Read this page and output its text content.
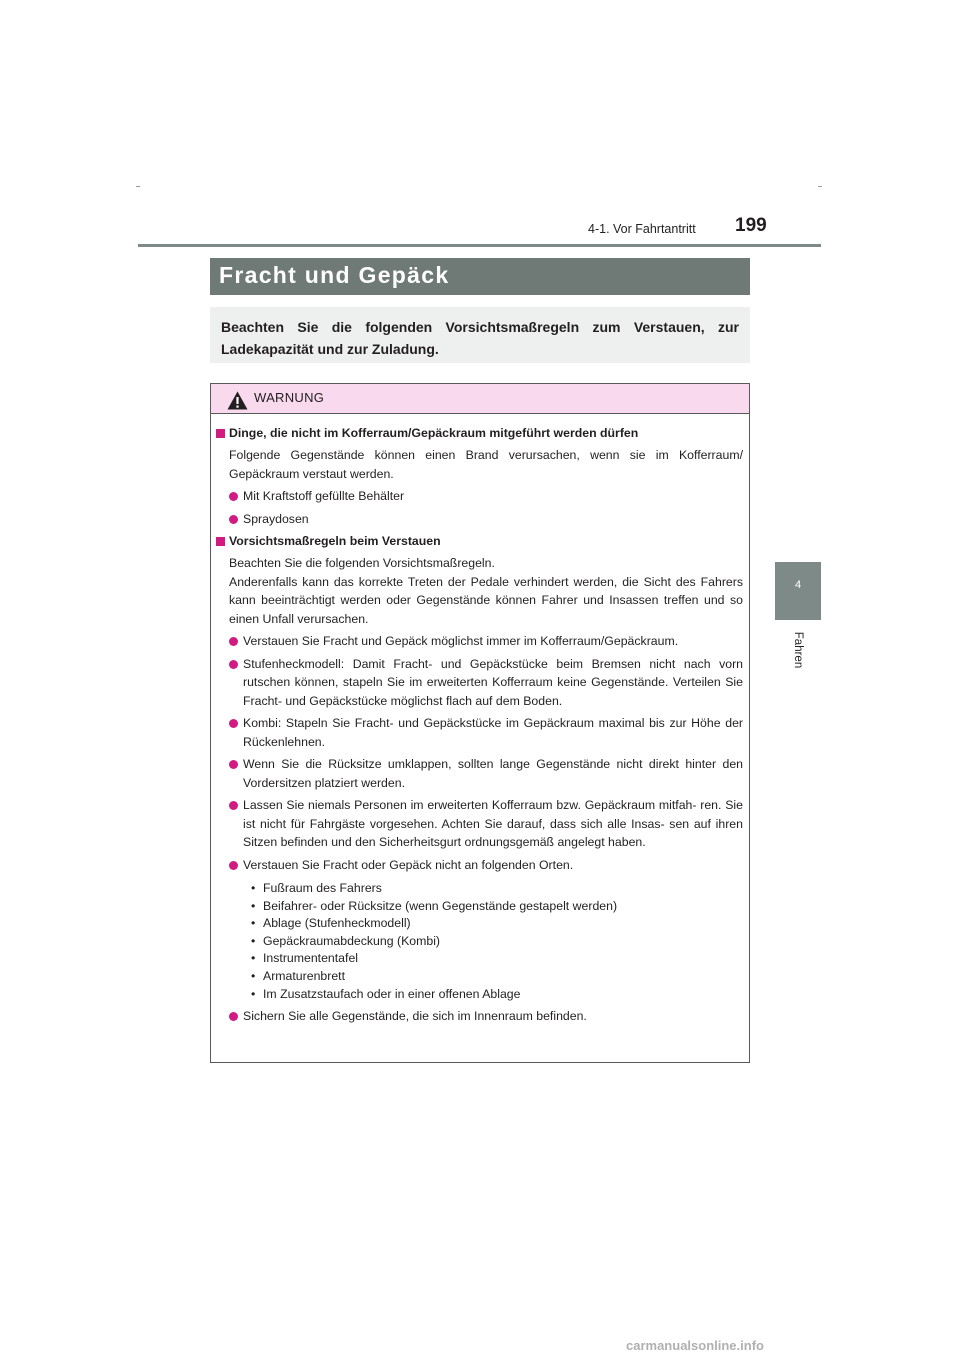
4-1. Vor Fahrtantritt 199
4
Fahren
Fracht und Gepäck

Beachten Sie die folgenden Vorsichtsmaßregeln zum Verstauen, zur Ladekapazität und zur Zuladung.

WARNUNG
Dinge, die nicht im Kofferraum/Gepäckraum mitgeführt werden dürfen
Folgende Gegenstände können einen Brand verursachen, wenn sie im Kofferraum/ Gepäckraum verstaut werden.
Mit Kraftstoff gefüllte Behälter
Spraydosen
Vorsichtsmaßregeln beim Verstauen
Beachten Sie die folgenden Vorsichtsmaßregeln.
Anderenfalls kann das korrekte Treten der Pedale verhindert werden, die Sicht des Fahrers kann beeinträchtigt werden oder Gegenstände können Fahrer und Insassen treffen und so einen Unfall verursachen.
Verstauen Sie Fracht und Gepäck möglichst immer im Kofferraum/Gepäckraum.
Stufenheckmodell: Damit Fracht- und Gepäckstücke beim Bremsen nicht nach vorn rutschen können, stapeln Sie im erweiterten Kofferraum keine Gegenstände. Verteilen Sie Fracht- und Gepäckstücke möglichst flach auf dem Boden.
Kombi: Stapeln Sie Fracht- und Gepäckstücke im Gepäckraum maximal bis zur Höhe der Rückenlehnen.
Wenn Sie die Rücksitze umklappen, sollten lange Gegenstände nicht direkt hinter den Vordersitzen platziert werden.
Lassen Sie niemals Personen im erweiterten Kofferraum bzw. Gepäckraum mitfah- ren. Sie ist nicht für Fahrgäste vorgesehen. Achten Sie darauf, dass sich alle Insas- sen auf ihren Sitzen befinden und den Sicherheitsgurt ordnungsgemäß angelegt haben.
Verstauen Sie Fracht oder Gepäck nicht an folgenden Orten.
• Fußraum des Fahrers
• Beifahrer- oder Rücksitze (wenn Gegenstände gestapelt werden)
• Ablage (Stufenheckmodell)
• Gepäckraumabdeckung (Kombi)
• Instrumententafel
• Armaturenbrett
• Im Zusatzstaufach oder in einer offenen Ablage
Sichern Sie alle Gegenstände, die sich im Innenraum befinden.
carmanualsonline.info
